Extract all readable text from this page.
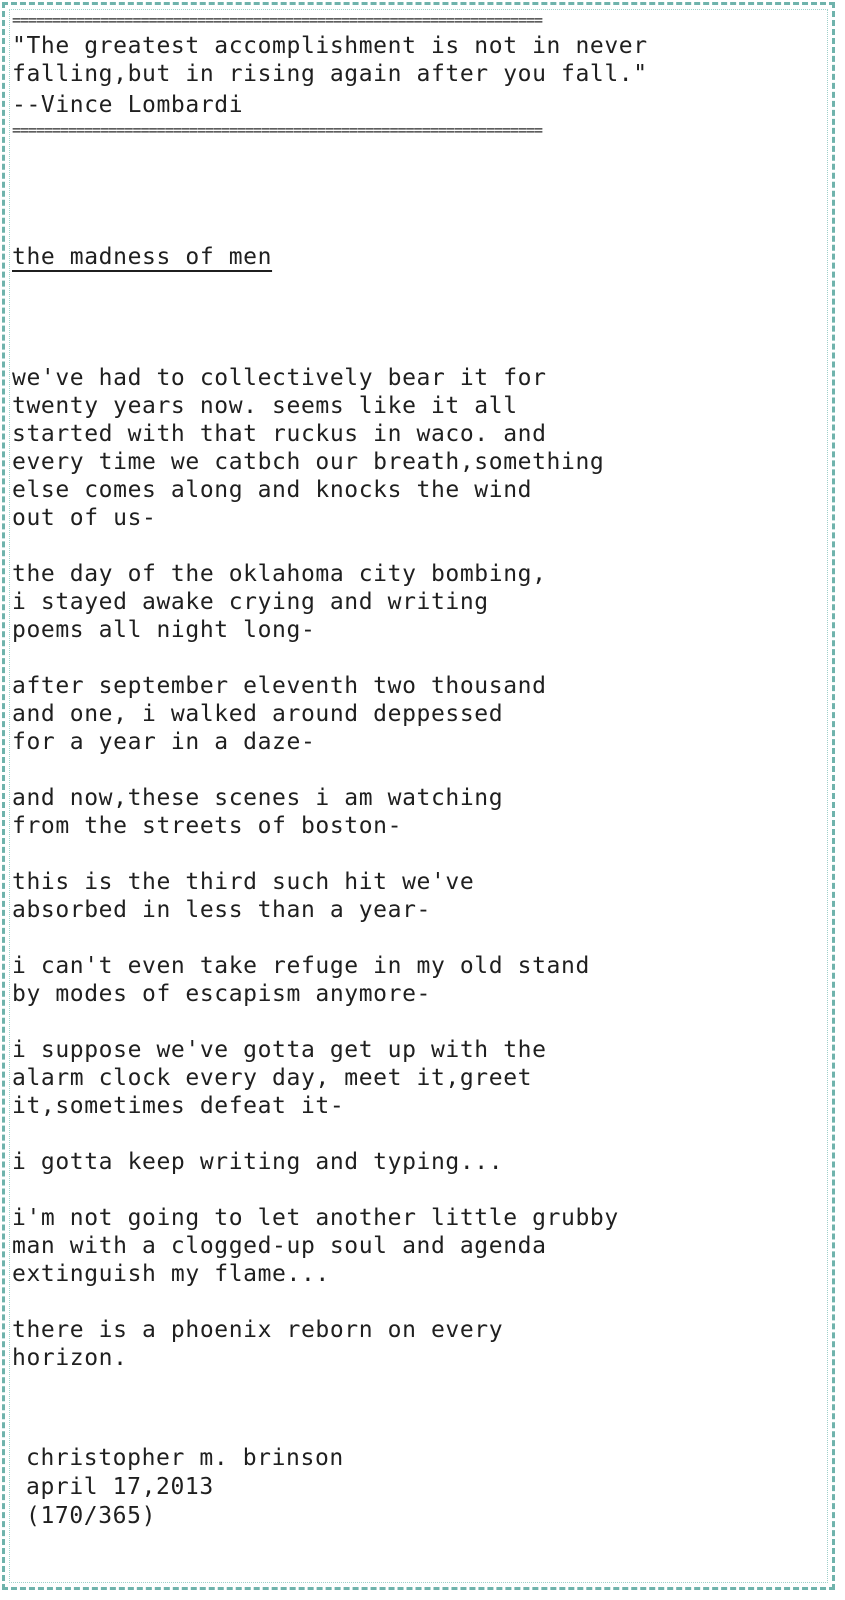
==================================================================
"The greatest accomplishment is not in never
falling,but in rising again after you fall."
--Vince Lombardi
==================================================================
the madness of men

we've had to collectively bear it for
twenty years now. seems like it all
started with that ruckus in waco. and
every time we catbch our breath,something
else comes along and knocks the wind
out of us-

the day of the oklahoma city bombing,
i stayed awake crying and writing
poems all night long-

after september eleventh two thousand
and one, i walked around deppessed
for a year in a daze-

and now,these scenes i am watching
from the streets of boston-

this is the third such hit we've
absorbed in less than a year-

i can't even take refuge in my old stand
by modes of escapism anymore-

i suppose we've gotta get up with the
alarm clock every day, meet it,greet
it,sometimes defeat it-

i gotta keep writing and typing...

i'm not going to let another little grubby
man with a clogged-up soul and agenda
extinguish my flame...

there is a phoenix reborn on every
horizon.

christopher m. brinson
april 17,2013
(170/365)
